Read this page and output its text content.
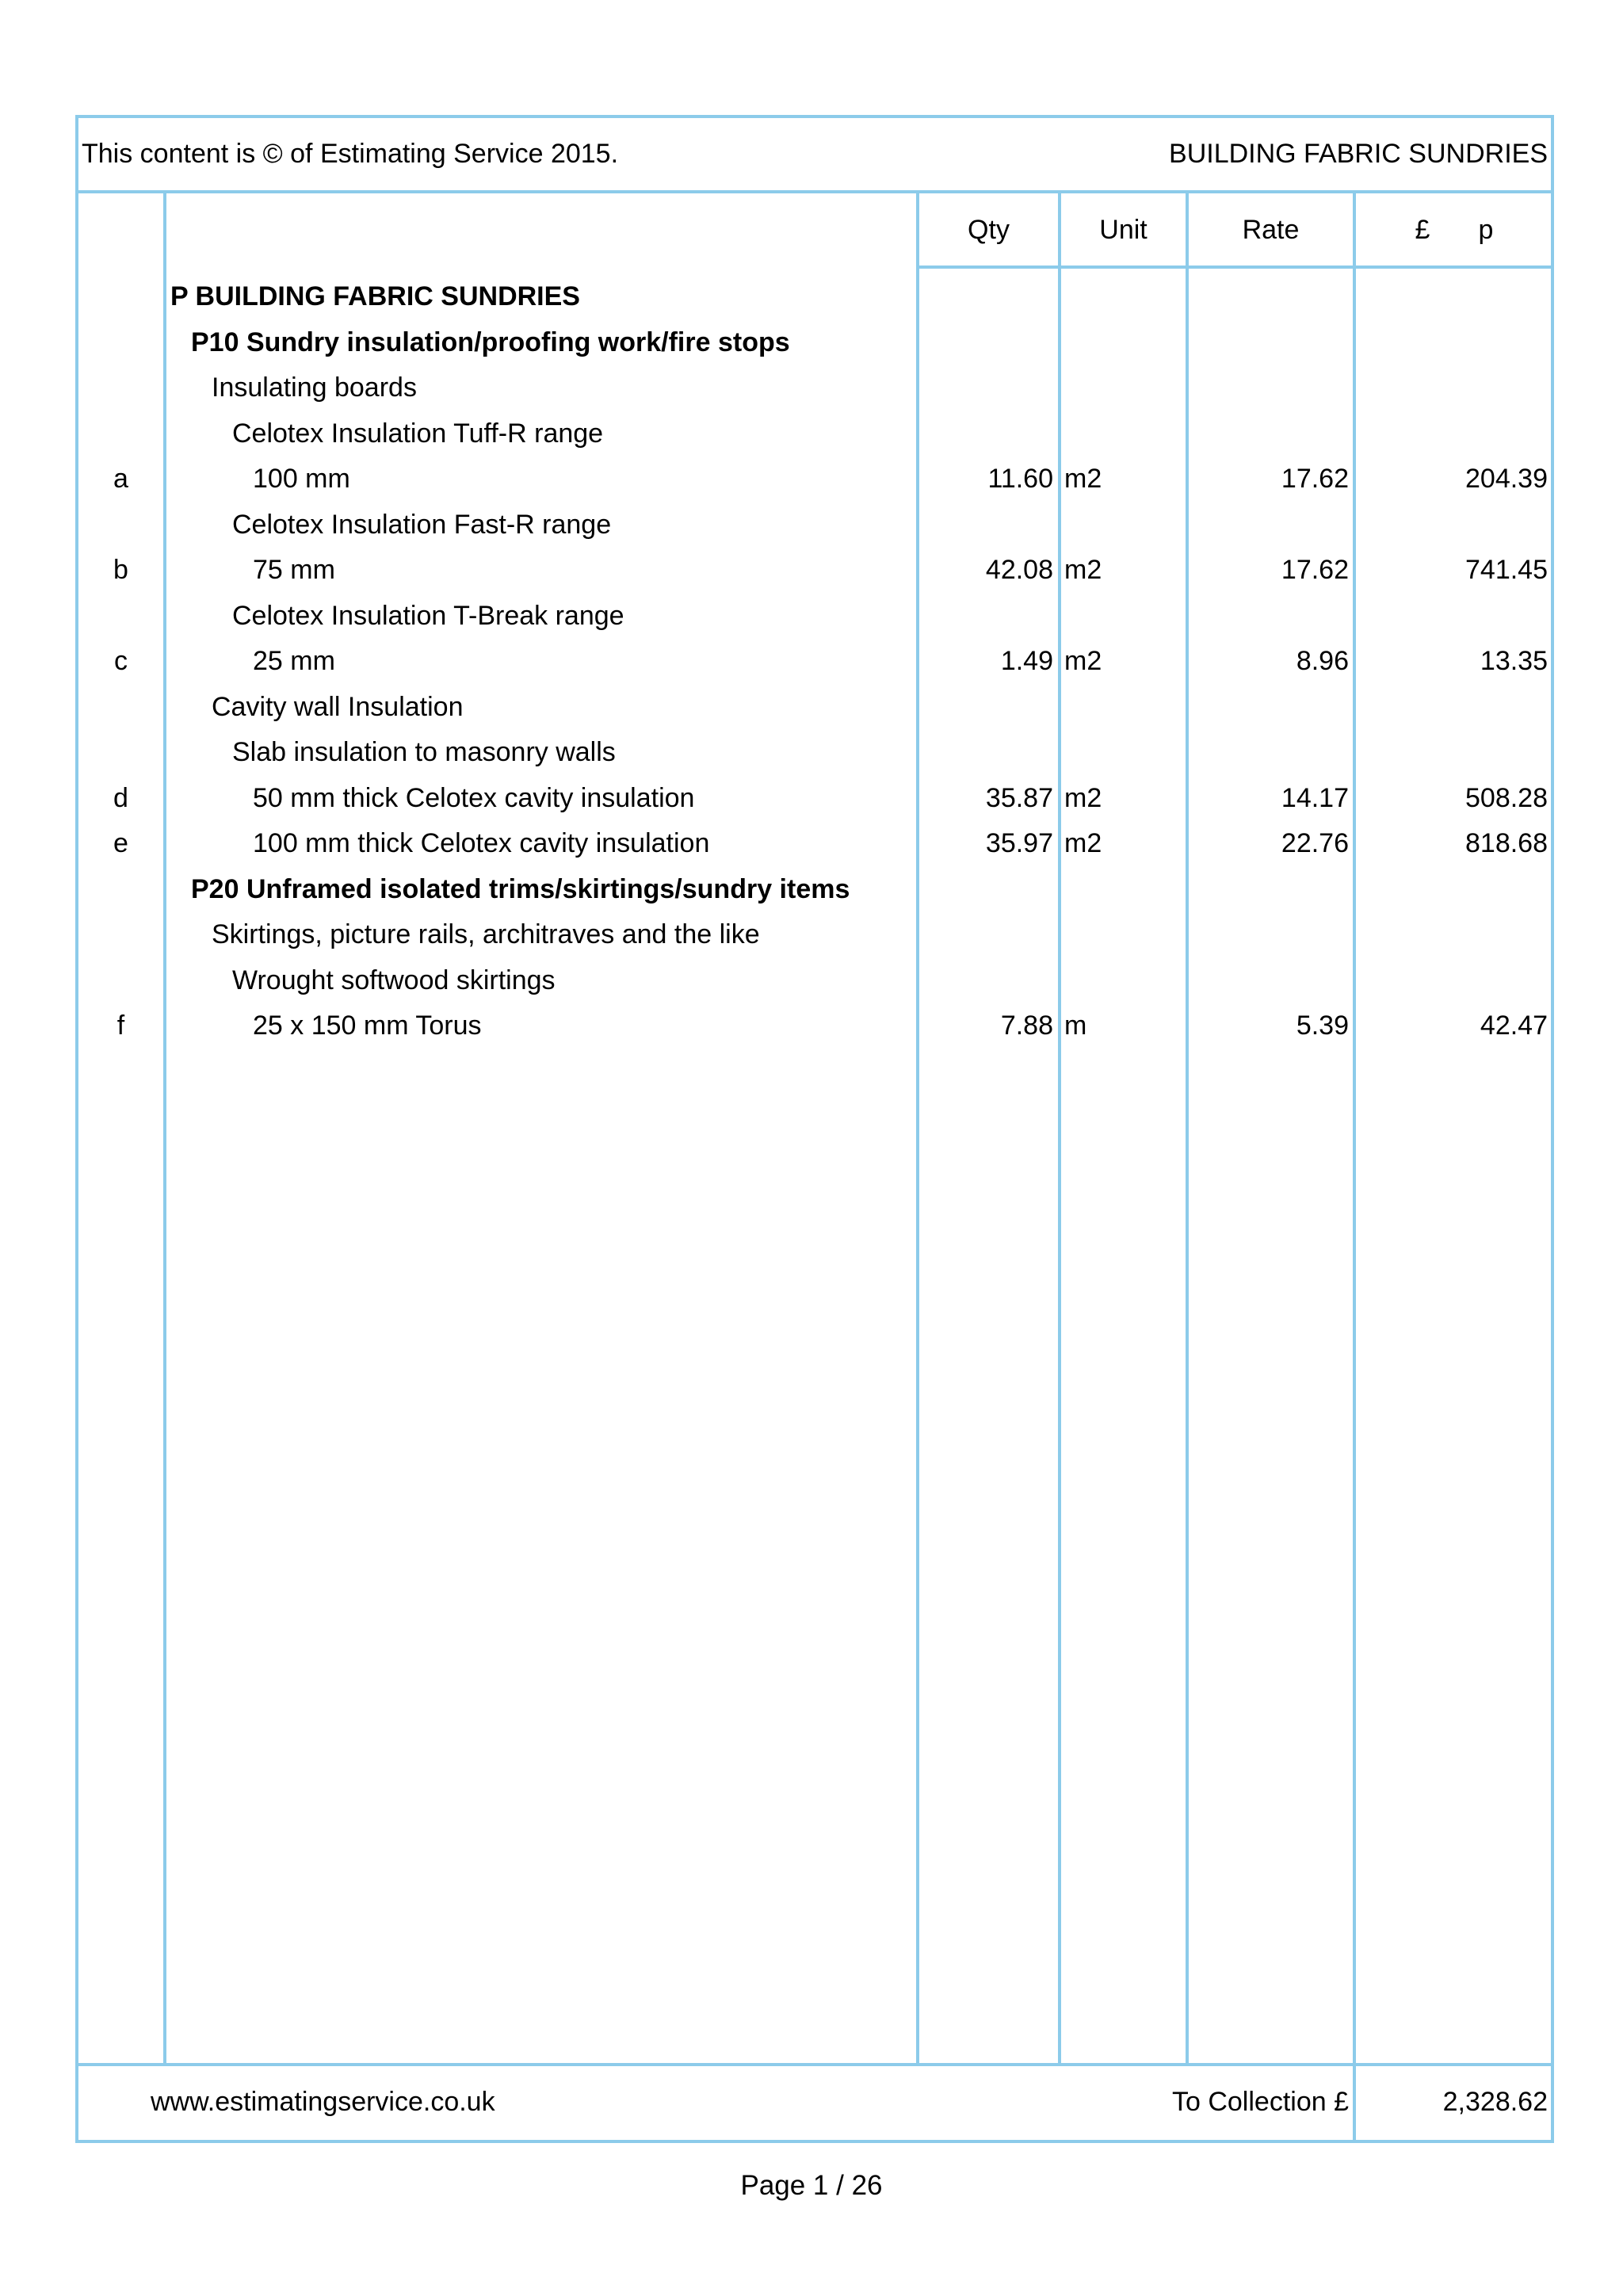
This content is © of Estimating Service 2015.	BUILDING FABRIC SUNDRIES
Qty	Unit	Rate	£	p
P BUILDING FABRIC SUNDRIES
P10 Sundry insulation/proofing work/fire stops
Insulating boards
Celotex Insulation Tuff-R range
a	100 mm	11.60 m2	17.62	204.39
Celotex Insulation Fast-R range
b	75 mm	42.08 m2	17.62	741.45
Celotex Insulation T-Break range
c	25 mm	1.49 m2	8.96	13.35
Cavity wall Insulation
Slab insulation to masonry walls
d	50 mm thick Celotex cavity insulation	35.87 m2	14.17	508.28
e	100 mm thick Celotex cavity insulation	35.97 m2	22.76	818.68
P20 Unframed isolated trims/skirtings/sundry items
Skirtings, picture rails, architraves and the like
Wrought softwood skirtings
f	25 x 150 mm Torus	7.88 m	5.39	42.47
www.estimatingservice.co.uk	To Collection £	2,328.62
Page 1 / 26
